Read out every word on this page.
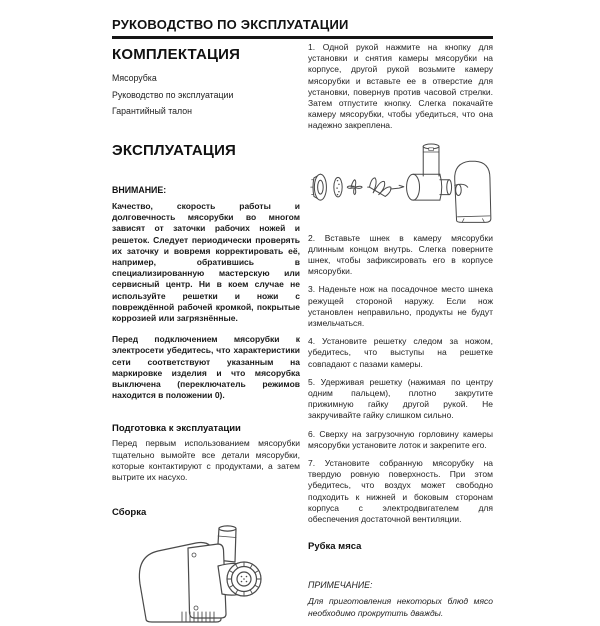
РУКОВОДСТВО ПО ЭКСПЛУАТАЦИИ
КОМПЛЕКТАЦИЯ
Мясорубка
Руководство по эксплуатации
Гарантийный талон
ЭКСПЛУАТАЦИЯ
ВНИМАНИЕ:

Качество, скорость работы и долговечность мясорубки во многом зависят от заточки рабочих ножей и решеток. Следует периодически проверять их заточку и вовремя корректировать её, например, обратившись в специализированную мастерскую или сервисный центр. Ни в коем случае не используйте решетки и ножи с повреждённой рабочей кромкой, покрытые коррозией или загрязнённые.

Перед подключением мясорубки к электросети убедитесь, что характеристики сети соответствуют указанным на маркировке изделия и что мясорубка выключена (переключатель режимов находится в положении 0).

Подготовка к эксплуатации

Перед первым использованием мясорубки тщательно вымойте все детали мясорубки, которые контактируют с продуктами, а затем вытрите их насухо.

Сборка

1. Одной рукой нажмите на кнопку для установки и снятия камеры мясорубки на корпусе, другой рукой возьмите камеру мясорубки и вставьте ее в отверстие для установки, повернув против часовой стрелки. Затем отпустите кнопку. Слегка покачайте камеру мясорубки, чтобы убедиться, что она надежно закреплена.

2. Вставьте шнек в камеру мясорубки длинным концом внутрь. Слегка поверните шнек, чтобы зафиксировать его в корпусе мясорубки.

3. Наденьте нож на посадочное место шнека режущей стороной наружу. Если нож установлен неправильно, продукты не будут измельчаться.

4. Установите решетку следом за ножом, убедитесь, что выступы на решетке совпадают с пазами камеры.

5. Удерживая решетку (нажимая по центру одним пальцем), плотно закрутите прижимную гайку другой рукой. Не закручивайте гайку слишком сильно.

6. Сверху на загрузочную горловину камеры мясорубки установите лоток и закрепите его.

7. Установите собранную мясорубку на твердую ровную поверхность. При этом убедитесь, что воздух может свободно подходить к нижней и боковым сторонам корпуса с электродвигателем для обеспечения достаточной вентиляции.

Рубка мяса
ПРИМЕЧАНИЕ:

Для приготовления некоторых блюд мясо необходимо прокрутить дважды.
